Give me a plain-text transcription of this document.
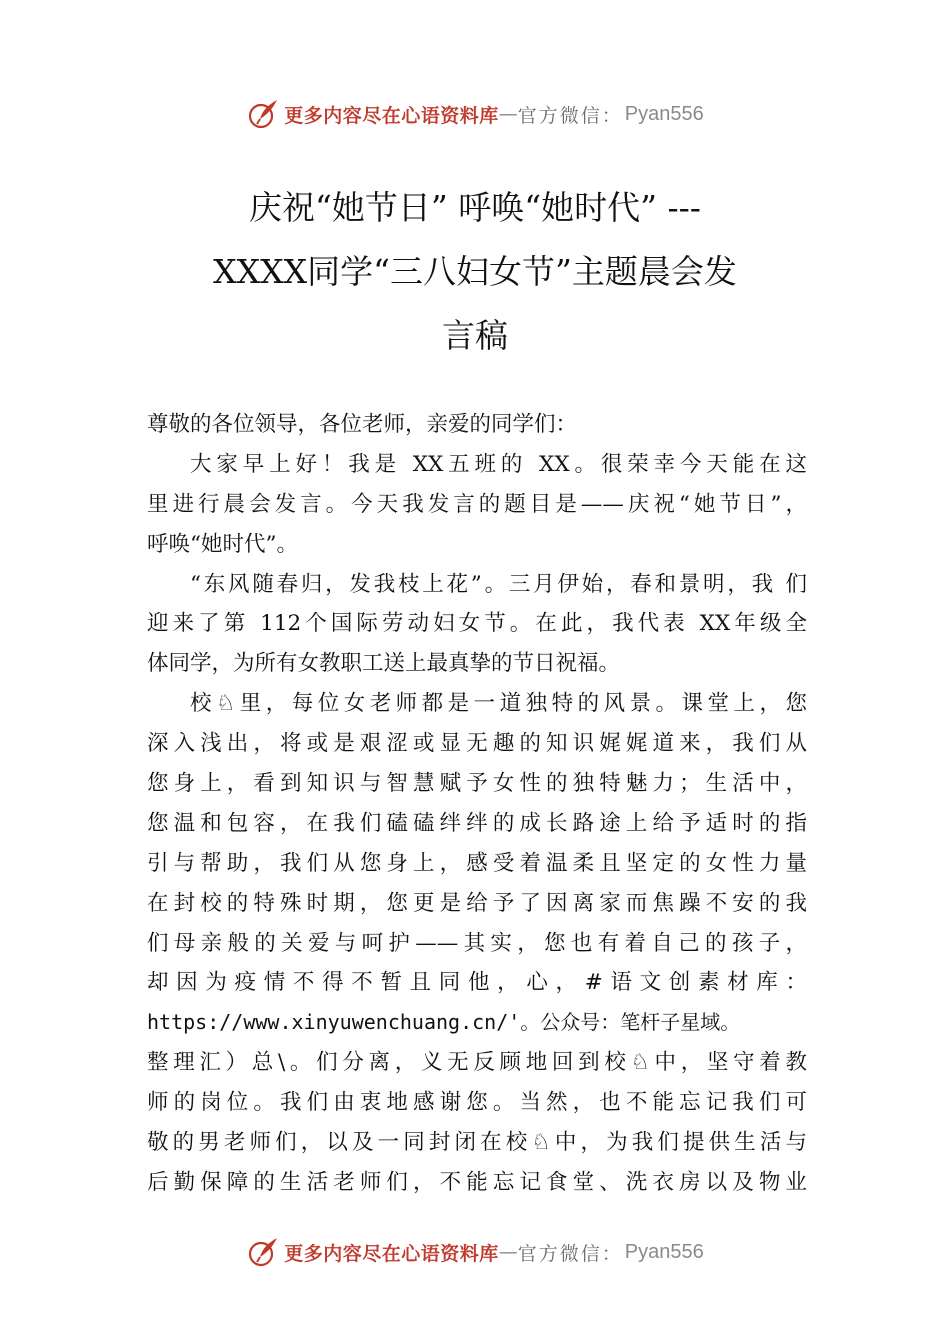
更多内容尽在心语资料库 — 官方微信： Pyan556
庆祝“她节日” 呼唤“她时代” ---
XXXX同学“三八妇女节”主题晨会发
言稿
尊敬的各位领导，各位老师，亲爱的同学们：
大家早上好！我是 XX五班的 XX。很荣幸今天能在这
里进行晨会发言。今天我发言的题目是——庆祝“她节日”，
呼唤“她时代”。
“东风随春归，发我枝上花”。三月伊始，春和景明，我 们
迎来了第 112个国际劳动妇女节。在此，我代表 XX年级全
体同学，为所有女教职工送上最真挚的节日祝福。
校♘里，每位女老师都是一道独特的风景。课堂上，您
深入浅出，将或是艰涩或显无趣的知识娓娓道来，我们从
您身上，看到知识与智慧赋予女性的独特魅力；生活中，
您温和包容，在我们磕磕绊绊的成长路途上给予适时的指
引与帮助，我们从您身上，感受着温柔且坚定的女性力量
在封校的特殊时期，您更是给予了因离家而焦躁不安的我
们母亲般的关爱与呵护——其实，您也有着自己的孩子，
却因为疫情不得不暂且同他，心，#语文创素材库：
https://www.xinyuwenchuang.cn/'。公众号：笔杆子星域。
整理汇）总\。们分离，义无反顾地回到校♘中，坚守着教
师的岗位。我们由衷地感谢您。当然，也不能忘记我们可
敬的男老师们，以及一同封闭在校♘中，为我们提供生活与
后勤保障的生活老师们，不能忘记食堂、洗衣房以及物业
更多内容尽在心语资料库 — 官方微信： Pyan556
